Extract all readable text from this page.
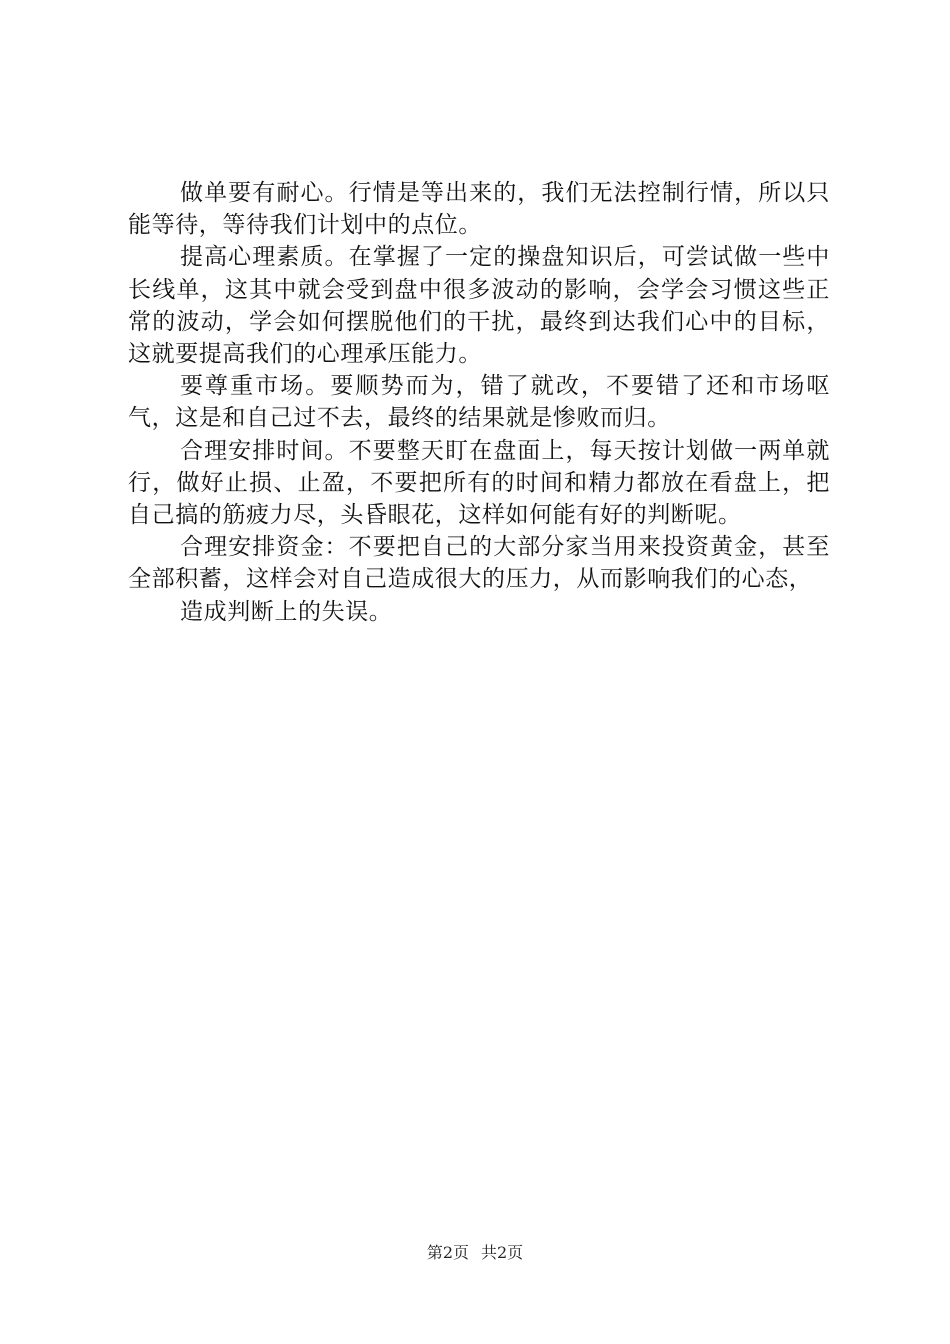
做单要有耐心。行情是等出来的，我们无法控制行情，所以只能等待，等待我们计划中的点位。

提高心理素质。在掌握了一定的操盘知识后，可尝试做一些中长线单，这其中就会受到盘中很多波动的影响，会学会习惯这些正常的波动，学会如何摆脱他们的干扰，最终到达我们心中的目标，这就要提高我们的心理承压能力。

要尊重市场。要顺势而为，错了就改，不要错了还和市场呕气，这是和自己过不去，最终的结果就是惨败而归。

合理安排时间。不要整天盯在盘面上，每天按计划做一两单就行，做好止损、止盈，不要把所有的时间和精力都放在看盘上，把自己搞的筋疲力尽，头昏眼花，这样如何能有好的判断呢。

合理安排资金：不要把自己的大部分家当用来投资黄金，甚至全部积蓄，这样会对自己造成很大的压力，从而影响我们的心态，

造成判断上的失误。

第2页 共2页
